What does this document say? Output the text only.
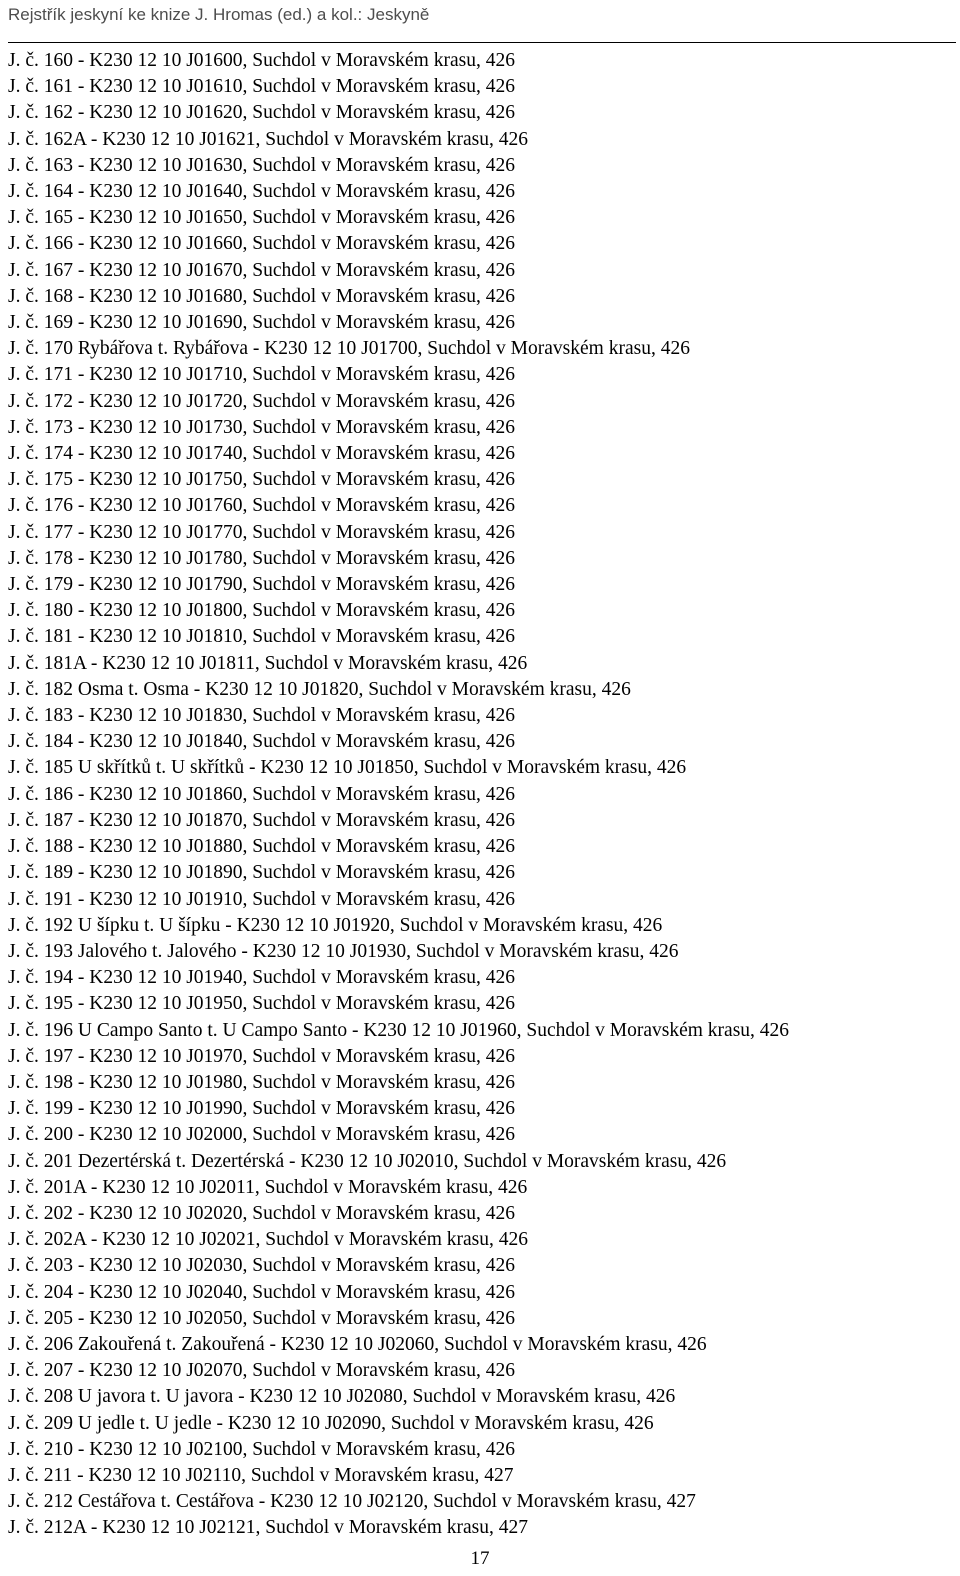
Rejstřík jeskyní ke knize J. Hromas (ed.) a kol.: Jeskyně
J. č. 160 - K230 12 10 J01600, Suchdol v Moravském krasu, 426
J. č. 161 - K230 12 10 J01610, Suchdol v Moravském krasu, 426
J. č. 162 - K230 12 10 J01620, Suchdol v Moravském krasu, 426
J. č. 162A - K230 12 10 J01621, Suchdol v Moravském krasu, 426
J. č. 163 - K230 12 10 J01630, Suchdol v Moravském krasu, 426
J. č. 164 - K230 12 10 J01640, Suchdol v Moravském krasu, 426
J. č. 165 - K230 12 10 J01650, Suchdol v Moravském krasu, 426
J. č. 166 - K230 12 10 J01660, Suchdol v Moravském krasu, 426
J. č. 167 - K230 12 10 J01670, Suchdol v Moravském krasu, 426
J. č. 168 - K230 12 10 J01680, Suchdol v Moravském krasu, 426
J. č. 169 - K230 12 10 J01690, Suchdol v Moravském krasu, 426
J. č. 170 Rybářova t. Rybářova - K230 12 10 J01700, Suchdol v Moravském krasu, 426
J. č. 171 - K230 12 10 J01710, Suchdol v Moravském krasu, 426
J. č. 172 - K230 12 10 J01720, Suchdol v Moravském krasu, 426
J. č. 173 - K230 12 10 J01730, Suchdol v Moravském krasu, 426
J. č. 174 - K230 12 10 J01740, Suchdol v Moravském krasu, 426
J. č. 175 - K230 12 10 J01750, Suchdol v Moravském krasu, 426
J. č. 176 - K230 12 10 J01760, Suchdol v Moravském krasu, 426
J. č. 177 - K230 12 10 J01770, Suchdol v Moravském krasu, 426
J. č. 178 - K230 12 10 J01780, Suchdol v Moravském krasu, 426
J. č. 179 - K230 12 10 J01790, Suchdol v Moravském krasu, 426
J. č. 180 - K230 12 10 J01800, Suchdol v Moravském krasu, 426
J. č. 181 - K230 12 10 J01810, Suchdol v Moravském krasu, 426
J. č. 181A - K230 12 10 J01811, Suchdol v Moravském krasu, 426
J. č. 182 Osma t. Osma - K230 12 10 J01820, Suchdol v Moravském krasu, 426
J. č. 183 - K230 12 10 J01830, Suchdol v Moravském krasu, 426
J. č. 184 - K230 12 10 J01840, Suchdol v Moravském krasu, 426
J. č. 185 U skřítků t. U skřítků - K230 12 10 J01850, Suchdol v Moravském krasu, 426
J. č. 186 - K230 12 10 J01860, Suchdol v Moravském krasu, 426
J. č. 187 - K230 12 10 J01870, Suchdol v Moravském krasu, 426
J. č. 188 - K230 12 10 J01880, Suchdol v Moravském krasu, 426
J. č. 189 - K230 12 10 J01890, Suchdol v Moravském krasu, 426
J. č. 191 - K230 12 10 J01910, Suchdol v Moravském krasu, 426
J. č. 192 U šípku t. U šípku - K230 12 10 J01920, Suchdol v Moravském krasu, 426
J. č. 193 Jalového t. Jalového - K230 12 10 J01930, Suchdol v Moravském krasu, 426
J. č. 194 - K230 12 10 J01940, Suchdol v Moravském krasu, 426
J. č. 195 - K230 12 10 J01950, Suchdol v Moravském krasu, 426
J. č. 196 U Campo Santo t. U Campo Santo - K230 12 10 J01960, Suchdol v Moravském krasu, 426
J. č. 197 - K230 12 10 J01970, Suchdol v Moravském krasu, 426
J. č. 198 - K230 12 10 J01980, Suchdol v Moravském krasu, 426
J. č. 199 - K230 12 10 J01990, Suchdol v Moravském krasu, 426
J. č. 200 - K230 12 10 J02000, Suchdol v Moravském krasu, 426
J. č. 201 Dezertérská t. Dezertérská - K230 12 10 J02010, Suchdol v Moravském krasu, 426
J. č. 201A - K230 12 10 J02011, Suchdol v Moravském krasu, 426
J. č. 202 - K230 12 10 J02020, Suchdol v Moravském krasu, 426
J. č. 202A - K230 12 10 J02021, Suchdol v Moravském krasu, 426
J. č. 203 - K230 12 10 J02030, Suchdol v Moravském krasu, 426
J. č. 204 - K230 12 10 J02040, Suchdol v Moravském krasu, 426
J. č. 205 - K230 12 10 J02050, Suchdol v Moravském krasu, 426
J. č. 206 Zakouřená t. Zakouřená - K230 12 10 J02060, Suchdol v Moravském krasu, 426
J. č. 207 - K230 12 10 J02070, Suchdol v Moravském krasu, 426
J. č. 208 U javora t. U javora - K230 12 10 J02080, Suchdol v Moravském krasu, 426
J. č. 209 U jedle t. U jedle - K230 12 10 J02090, Suchdol v Moravském krasu, 426
J. č. 210 - K230 12 10 J02100, Suchdol v Moravském krasu, 426
J. č. 211 - K230 12 10 J02110, Suchdol v Moravském krasu, 427
J. č. 212 Cestářova t. Cestářova - K230 12 10 J02120, Suchdol v Moravském krasu, 427
J. č. 212A - K230 12 10 J02121, Suchdol v Moravském krasu, 427
17
